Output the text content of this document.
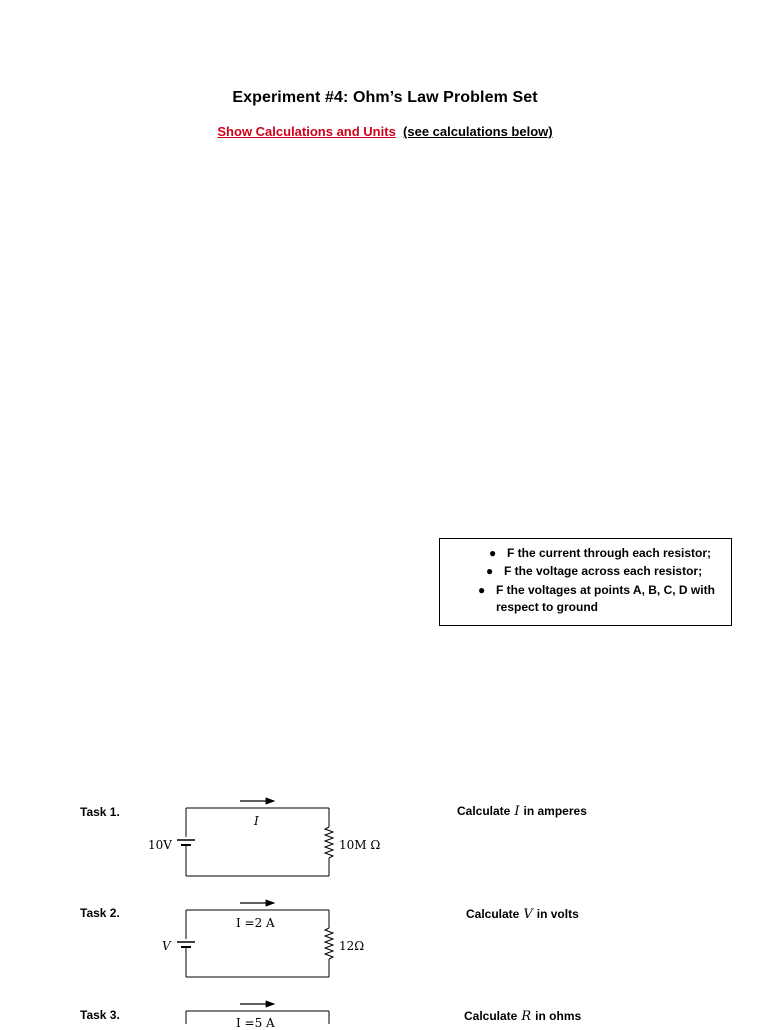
Experiment #4: Ohm’s Law Problem Set
Show Calculations and Units (see calculations below)
● F the current through each resistor;
● F the voltage across each resistor;
● F the voltages at points A, B, C, D with
respect to ground
Task 1.	Calculate I in amperes
10V
I
10M Ω
Task 2.	Calculate V in volts
V
I =2 A
12Ω
Task 3.	Calculate R in ohms
I =5 A
